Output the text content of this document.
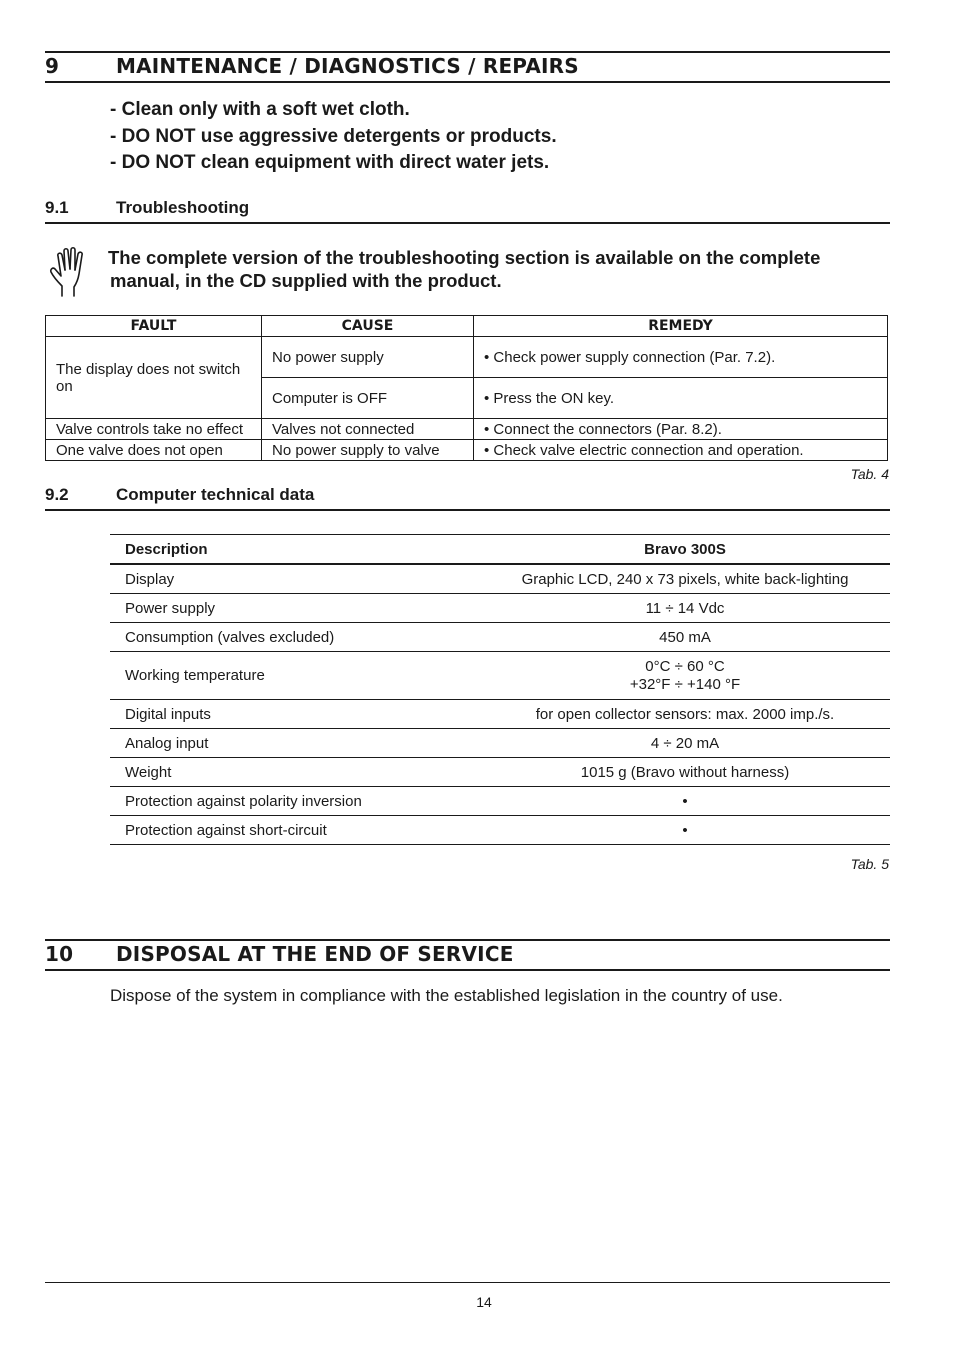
9	MAINTENANCE / DIAGNOSTICS / REPAIRS
- Clean only with a soft wet cloth.
- DO NOT use aggressive detergents or products.
- DO NOT clean equipment with direct water jets.
9.1	Troubleshooting
The complete version of the troubleshooting section is available on the complete
manual, in the CD supplied with the product.
FAULT	CAUSE	REMEDY
The display does not switch on	No power supply	• Check power supply connection (Par. 7.2).
	Computer is OFF	• Press the ON key.
Valve controls take no effect	Valves not connected	• Connect the connectors (Par. 8.2).
One valve does not open	No power supply to valve	• Check valve electric connection and operation.
Tab. 4
9.2	Computer technical data
Description	Bravo 300S
Display	Graphic LCD, 240 x 73 pixels, white back-lighting
Power supply	11 ÷ 14 Vdc
Consumption (valves excluded)	450 mA
Working temperature	0°C ÷ 60 °C
+32°F ÷ +140 °F

Digital inputs	for open collector sensors: max. 2000 imp./s.
Analog input	4 ÷ 20 mA
Weight	1015 g (Bravo without harness)
Protection against polarity inversion	•
Protection against short-circuit	•
Tab. 5
10 DISPOSAL AT THE END OF SERVICE
Dispose of the system in compliance with the established legislation in the country of use.
14
